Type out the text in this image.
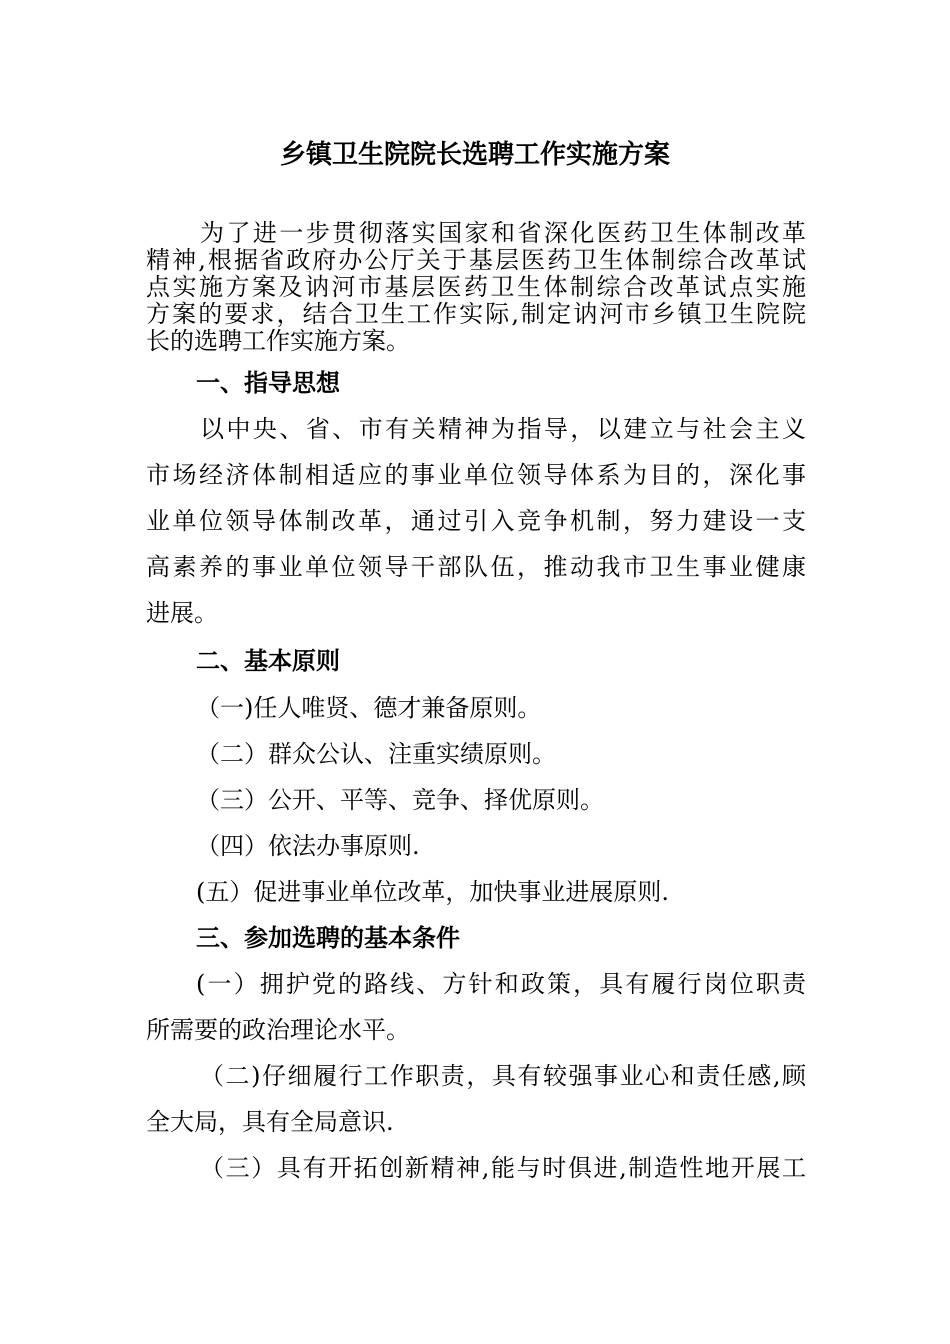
乡镇卫生院院长选聘工作实施方案
为了进一步贯彻落实国家和省深化医药卫生体制改革
精神,根据省政府办公厅关于基层医药卫生体制综合改革试
点实施方案及讷河市基层医药卫生体制综合改革试点实施
方案的要求，结合卫生工作实际,制定讷河市乡镇卫生院院
长的选聘工作实施方案。
一、指导思想
以中央、省、市有关精神为指导，以建立与社会主义
市场经济体制相适应的事业单位领导体系为目的，深化事
业单位领导体制改革，通过引入竞争机制，努力建设一支
高素养的事业单位领导干部队伍，推动我市卫生事业健康
进展。
二、基本原则
（一)任人唯贤、德才兼备原则。
（二）群众公认、注重实绩原则。
（三）公开、平等、竞争、择优原则。
（四）依法办事原则.
(五）促进事业单位改革，加快事业进展原则.
三、参加选聘的基本条件
(一）拥护党的路线、方针和政策，具有履行岗位职责
所需要的政治理论水平。
（二)仔细履行工作职责，具有较强事业心和责任感,顾
全大局，具有全局意识.
（三）具有开拓创新精神,能与时俱进,制造性地开展工
